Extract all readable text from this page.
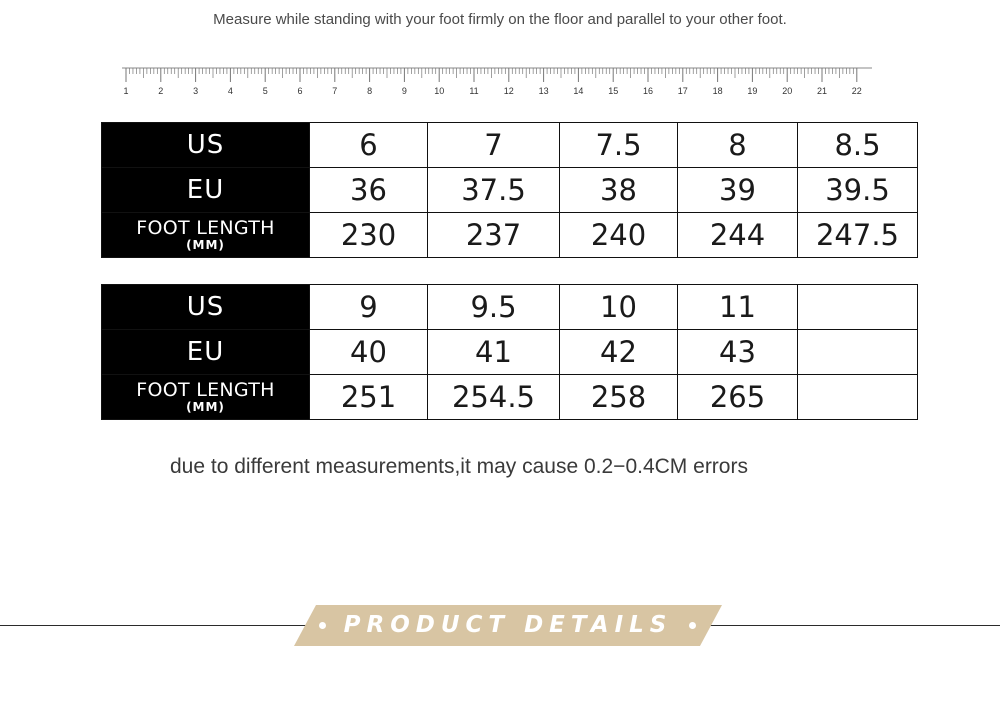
Measure while standing with your foot firmly on the floor and parallel to your other foot.
1	2	3	4	5	6	7	8	9	10	11	12	13	14	15	16	17	18	19	20	21	22
US	6	7	7.5	8	8.5
EU	36	37.5	38	39	39.5

FOOT LENGTH
(MM)	230	237	240	244	247.5
US	9	9.5	10	11	
EU	40	41	42	43	

FOOT LENGTH
(MM)	251	254.5	258	265	
due to different measurements,it may cause 0.2−0.4CM errors
PRODUCT DETAILS
